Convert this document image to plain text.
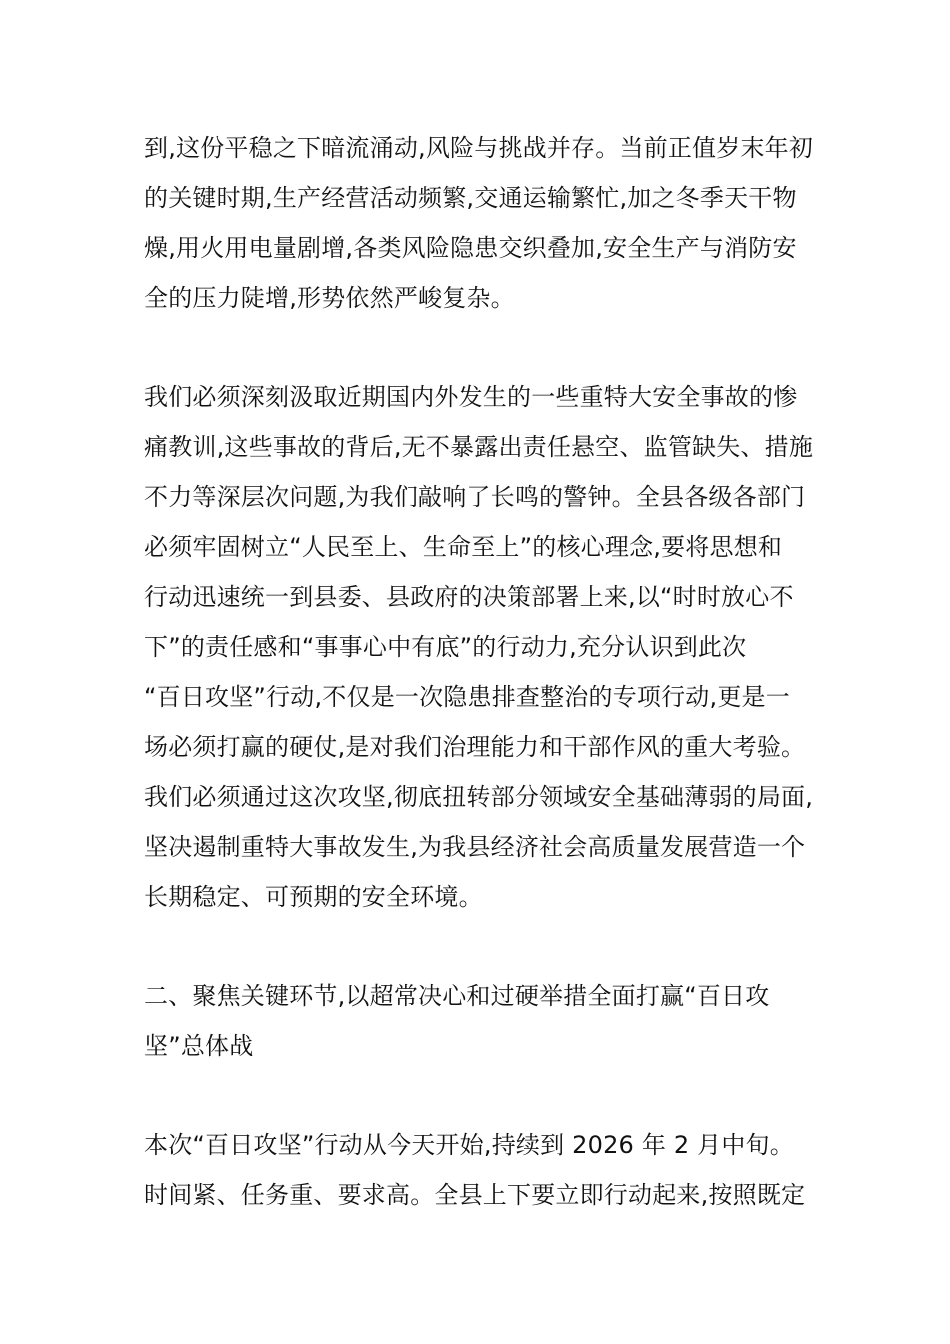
到,这份平稳之下暗流涌动,风险与挑战并存。当前正值岁末年初
的关键时期,生产经营活动频繁,交通运输繁忙,加之冬季天干物
燥,用火用电量剧增,各类风险隐患交织叠加,安全生产与消防安
全的压力陡增,形势依然严峻复杂。
我们必须深刻汲取近期国内外发生的一些重特大安全事故的惨
痛教训,这些事故的背后,无不暴露出责任悬空、监管缺失、措施
不力等深层次问题,为我们敲响了长鸣的警钟。全县各级各部门
必须牢固树立“人民至上、生命至上”的核心理念,要将思想和
行动迅速统一到县委、县政府的决策部署上来,以“时时放心不
下”的责任感和“事事心中有底”的行动力,充分认识到此次
“百日攻坚”行动,不仅是一次隐患排查整治的专项行动,更是一
场必须打赢的硬仗,是对我们治理能力和干部作风的重大考验。
我们必须通过这次攻坚,彻底扭转部分领域安全基础薄弱的局面,
坚决遏制重特大事故发生,为我县经济社会高质量发展营造一个
长期稳定、可预期的安全环境。
二、聚焦关键环节,以超常决心和过硬举措全面打赢“百日攻
坚”总体战
本次“百日攻坚”行动从今天开始,持续到 2026 年 2 月中旬。
时间紧、任务重、要求高。全县上下要立即行动起来,按照既定
